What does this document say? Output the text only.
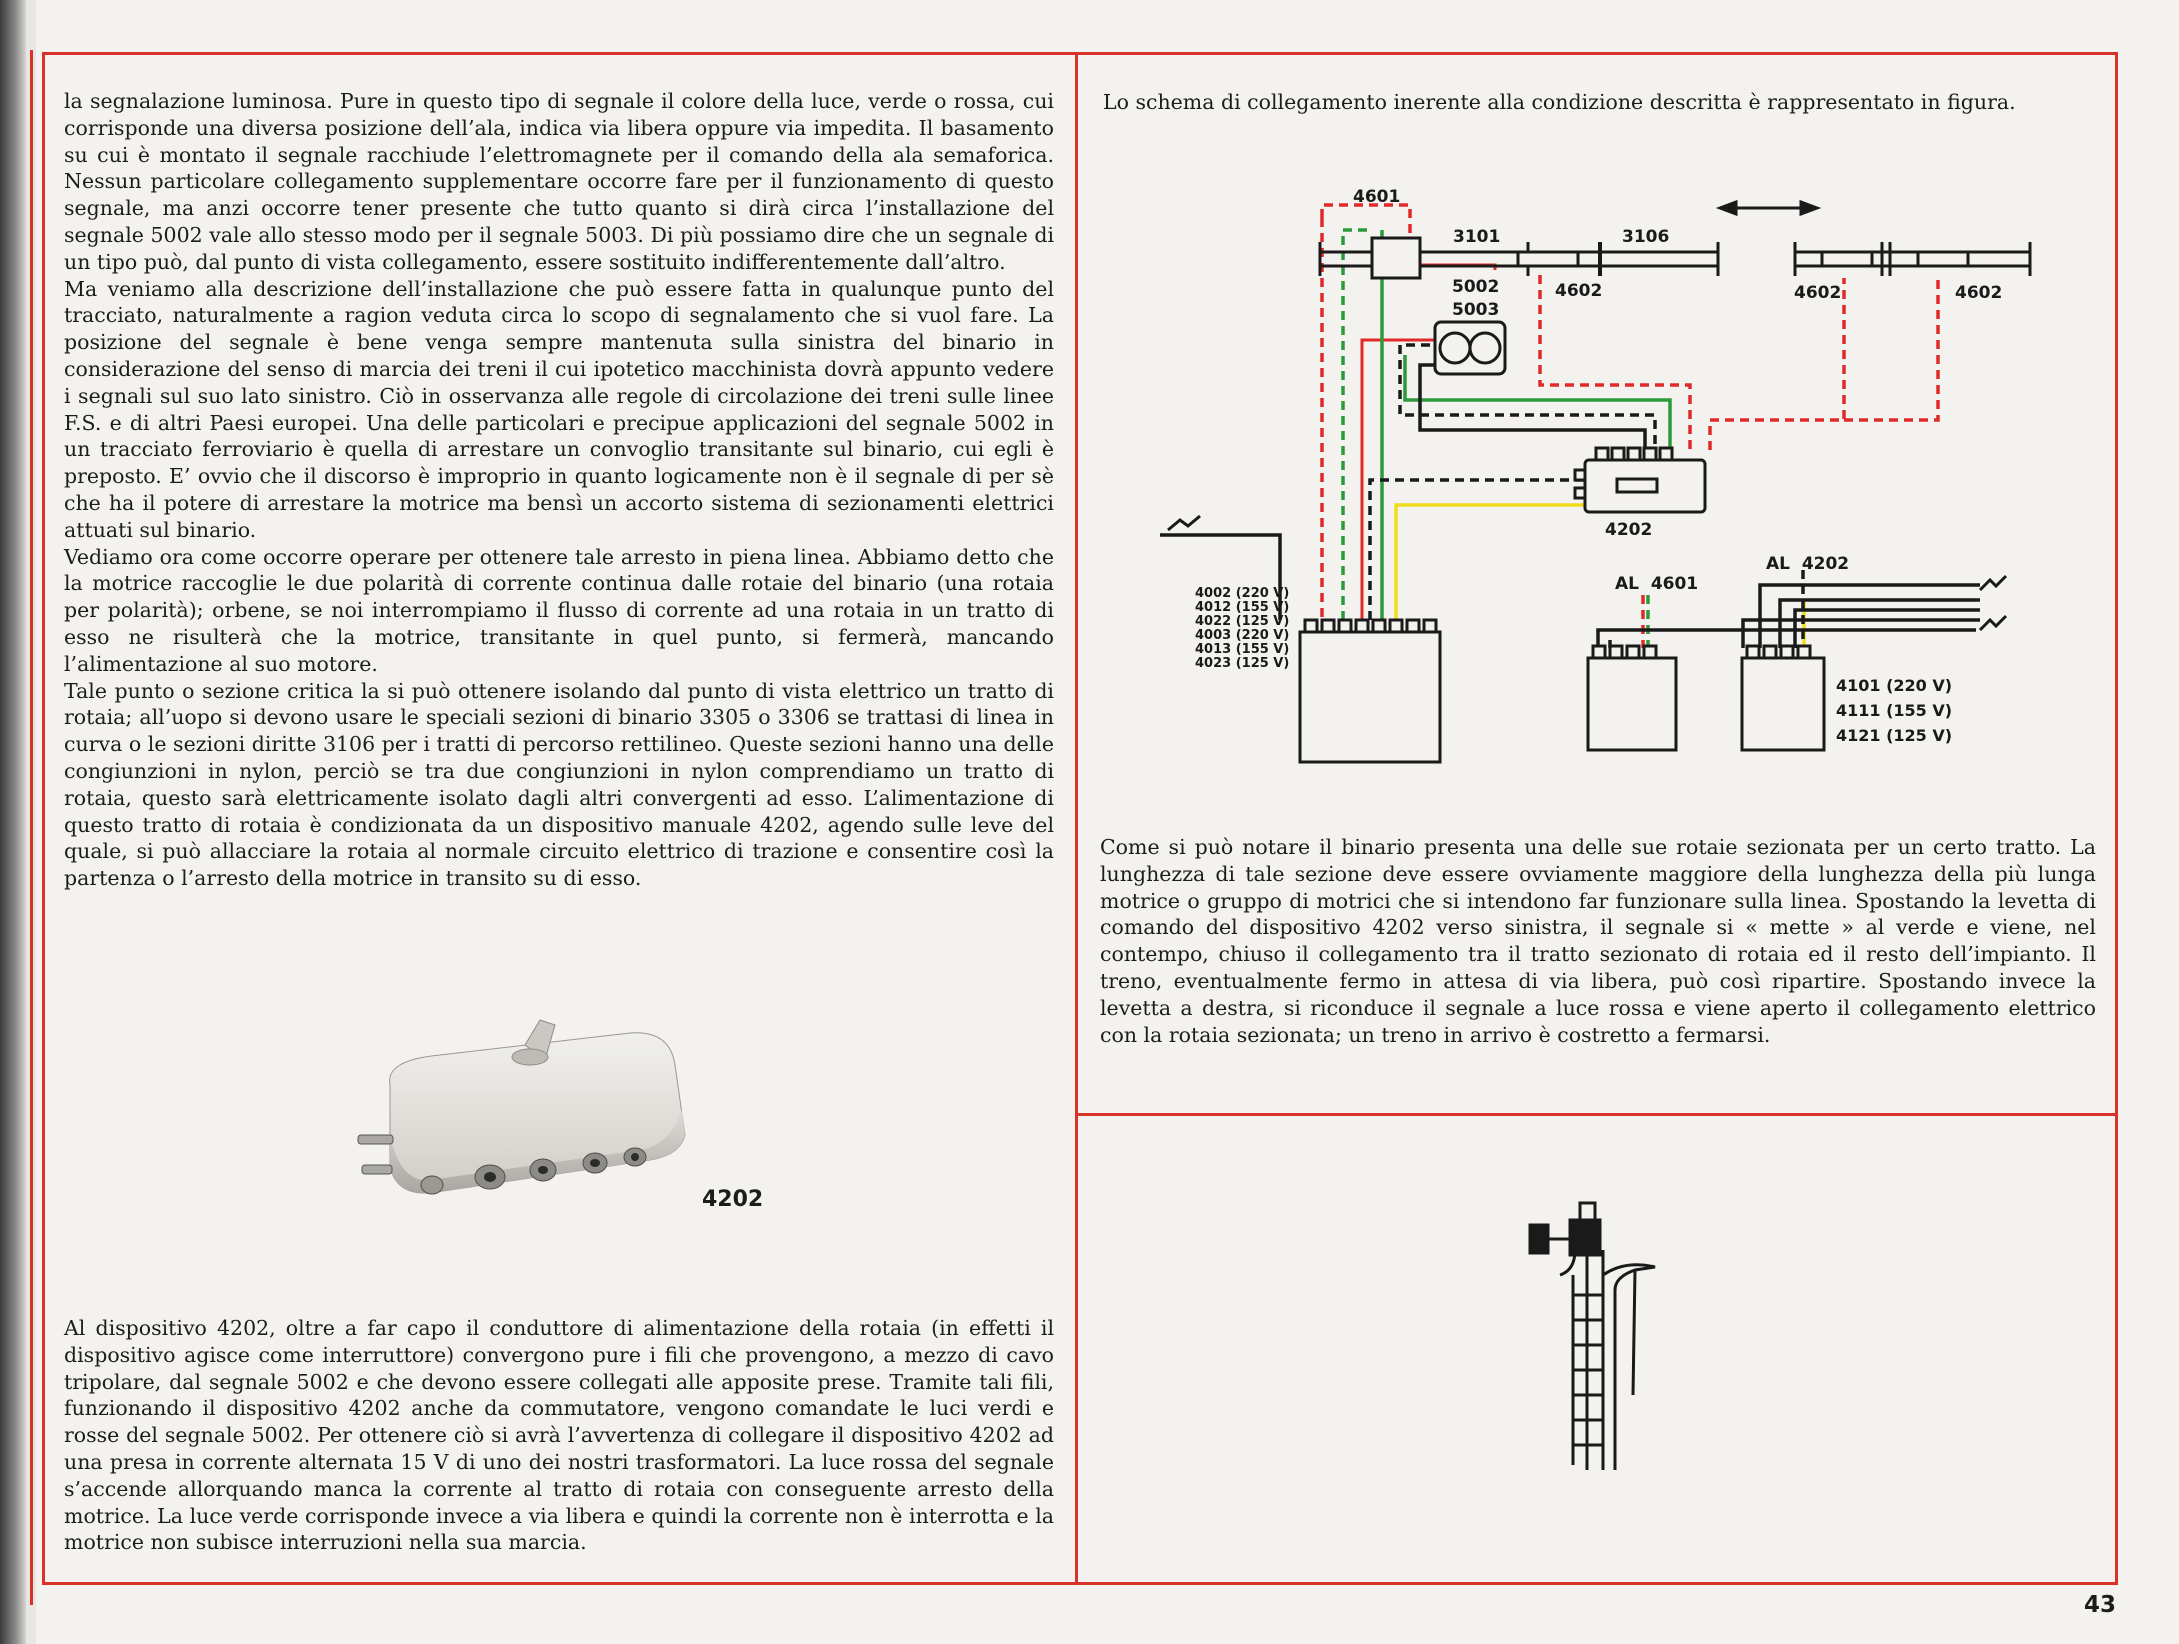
la segnalazione luminosa. Pure in questo tipo di segnale il colore della luce, verde o rossa, cui corrisponde una diversa posizione dell’ala, indica via libera oppure via impedita. Il basamento su cui è montato il segnale racchiude l’elettromagnete per il comando della ala semaforica. Nessun particolare collegamento supplementare occorre fare per il funzionamento di questo segnale, ma anzi occorre tener presente che tutto quanto si dirà circa l’installazione del segnale 5002 vale allo stesso modo per il segnale 5003. Di più possiamo dire che un segnale di un tipo può, dal punto di vista collegamento, essere sostituito indifferentemente dall’altro.

Ma veniamo alla descrizione dell’installazione che può essere fatta in qualunque punto del tracciato, naturalmente a ragion veduta circa lo scopo di segnalamento che si vuol fare. La posizione del segnale è bene venga sempre mantenuta sulla sinistra del binario in considerazione del senso di marcia dei treni il cui ipotetico macchinista dovrà appunto vedere i segnali sul suo lato sinistro. Ciò in osservanza alle regole di circolazione dei treni sulle linee F.S. e di altri Paesi europei. Una delle particolari e precipue applicazioni del segnale 5002 in un tracciato ferroviario è quella di arrestare un convoglio transitante sul binario, cui egli è preposto. E’ ovvio che il discorso è improprio in quanto logicamente non è il segnale di per sè che ha il potere di arrestare la motrice ma bensì un accorto sistema di sezionamenti elettrici attuati sul binario.

Vediamo ora come occorre operare per ottenere tale arresto in piena linea. Abbiamo detto che la motrice raccoglie le due polarità di corrente continua dalle rotaie del binario (una rotaia per polarità); orbene, se noi interrompiamo il flusso di corrente ad una rotaia in un tratto di esso ne risulterà che la motrice, transitante in quel punto, si fermerà, mancando l’alimentazione al suo motore.

Tale punto o sezione critica la si può ottenere isolando dal punto di vista elettrico un tratto di rotaia; all’uopo si devono usare le speciali sezioni di binario 3305 o 3306 se trattasi di linea in curva o le sezioni diritte 3106 per i tratti di percorso rettilineo. Queste sezioni hanno una delle congiunzioni in nylon, perciò se tra due congiunzioni in nylon comprendiamo un tratto di rotaia, questo sarà elettricamente isolato dagli altri convergenti ad esso. L’alimentazione di questo tratto di rotaia è condizionata da un dispositivo manuale 4202, agendo sulle leve del quale, si può allacciare la rotaia al normale circuito elettrico di trazione e consentire così la partenza o l’arresto della motrice in transito su di esso.

4202

Al dispositivo 4202, oltre a far capo il conduttore di alimentazione della rotaia (in effetti il dispositivo agisce come interruttore) convergono pure i fili che provengono, a mezzo di cavo tripolare, dal segnale 5002 e che devono essere collegati alle apposite prese. Tramite tali fili, funzionando il dispositivo 4202 anche da commutatore, vengono comandate le luci verdi e rosse del segnale 5002. Per ottenere ciò si avrà l’avvertenza di collegare il dispositivo 4202 ad una presa in corrente alternata 15 V di uno dei nostri trasformatori. La luce rossa del segnale s’accende allorquando manca la corrente al tratto di rotaia con conseguente arresto della motrice. La luce verde corrisponde invece a via libera e quindi la corrente non è interrotta e la motrice non subisce interruzioni nella sua marcia.

Lo schema di collegamento inerente alla condizione descritta è rappresentato in figura.

4601
3101	3106
5002
5003
4602	4602	4602
4202
AL  4601
AL  4202
4002 (220 V)
4012 (155 V)
4022 (125 V)
4003 (220 V)
4013 (155 V)
4023 (125 V)
4101 (220 V)
4111 (155 V)
4121 (125 V)

Come si può notare il binario presenta una delle sue rotaie sezionata per un certo tratto. La lunghezza di tale sezione deve essere ovviamente maggiore della lunghezza della più lunga motrice o gruppo di motrici che si intendono far funzionare sulla linea. Spostando la levetta di comando del dispositivo 4202 verso sinistra, il segnale si « mette » al verde e viene, nel contempo, chiuso il collegamento tra il tratto sezionato di rotaia ed il resto dell’impianto. Il treno, eventualmente fermo in attesa di via libera, può così ripartire. Spostando invece la levetta a destra, si riconduce il segnale a luce rossa e viene aperto il collegamento elettrico con la rotaia sezionata; un treno in arrivo è costretto a fermarsi.

43
